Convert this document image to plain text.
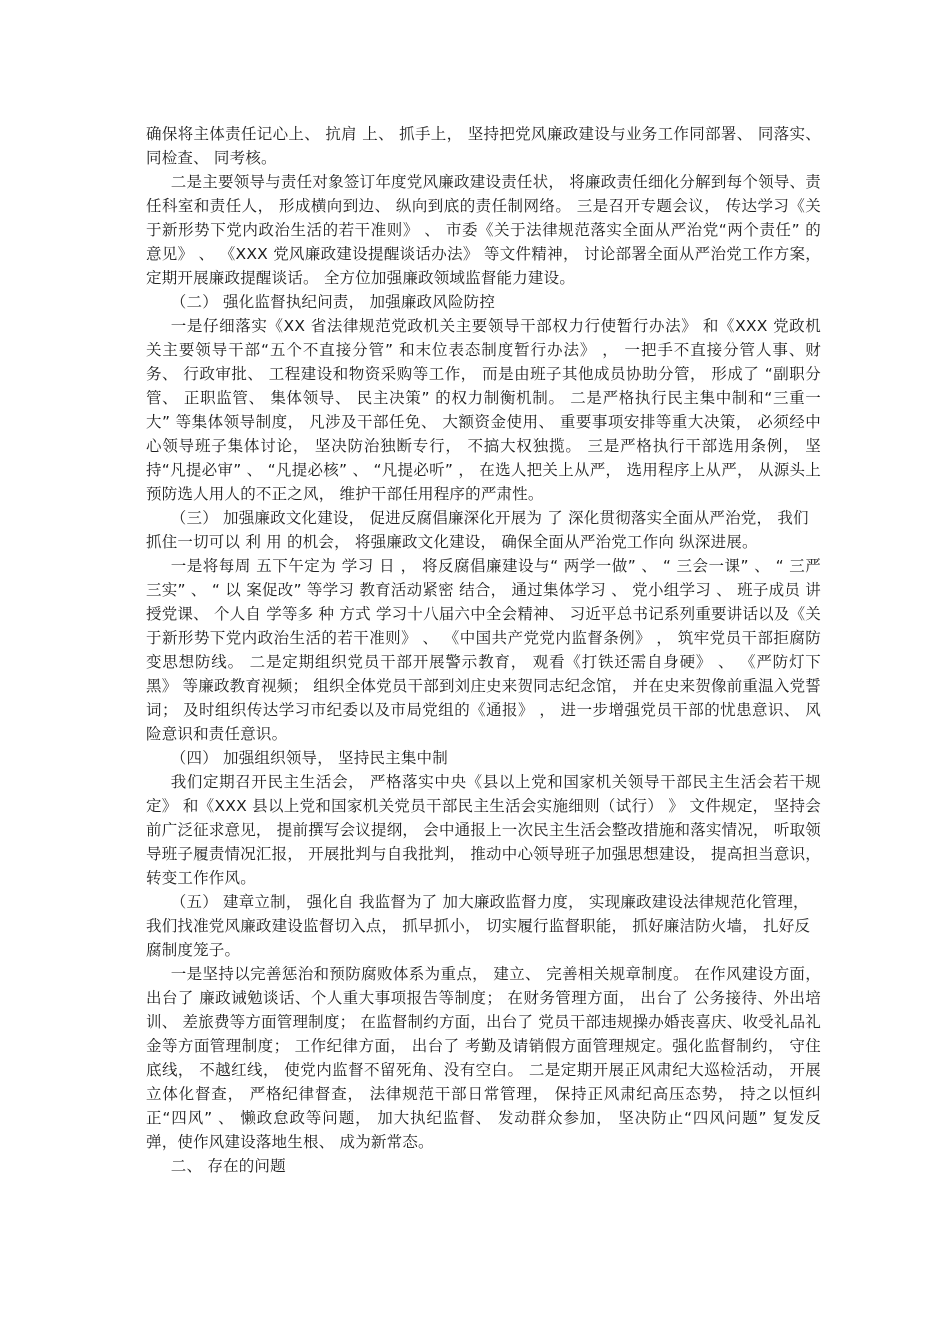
确保将主体责任记心上、 抗肩 上、 抓手上， 坚持把党风廉政建设与业务工作同部署、 同落实、 同检查、 同考核。

二是主要领导与责任对象签订年度党风廉政建设责任状， 将廉政责任细化分解到每个领导、责任科室和责任人， 形成横向到边、 纵向到底的责任制网络。 三是召开专题会议， 传达学习《关于新形势下党内政治生活的若干准则》 、 市委《关于法律规范落实全面从严治党“两个责任” 的意见》 、 《XXX 党风廉政建设提醒谈话办法》 等文件精神， 讨论部署全面从严治党工作方案， 定期开展廉政提醒谈话。 全方位加强廉政领域监督能力建设。

（二） 强化监督执纪问责， 加强廉政风险防控

一是仔细落实《XX 省法律规范党政机关主要领导干部权力行使暂行办法》 和《XXX 党政机关主要领导干部“五个不直接分管” 和末位表态制度暂行办法》 ， 一把手不直接分管人事、财务、 行政审批、 工程建设和物资采购等工作， 而是由班子其他成员协助分管， 形成了 “副职分管、 正职监管、 集体领导、 民主决策” 的权力制衡机制。 二是严格执行民主集中制和“三重一大” 等集体领导制度， 凡涉及干部任免、 大额资金使用、 重要事项安排等重大决策， 必须经中心领导班子集体讨论， 坚决防治独断专行， 不搞大权独揽。 三是严格执行干部选用条例， 坚持“凡提必审” 、 “凡提必核” 、 “凡提必听” ， 在选人把关上从严， 选用程序上从严， 从源头上预防选人用人的不正之风， 维护干部任用程序的严肃性。

（三） 加强廉政文化建设， 促进反腐倡廉深化开展为 了 深化贯彻落实全面从严治党， 我们抓住一切可以 利 用 的机会， 将强廉政文化建设， 确保全面从严治党工作向 纵深进展。

一是将每周 五下午定为 学习 日 ， 将反腐倡廉建设与“ 两学一做” 、 “ 三会一课” 、 “ 三严三实” 、 “ 以 案促改” 等学习 教育活动紧密 结合， 通过集体学习 、 党小组学习 、 班子成员 讲授党课、 个人自 学等多 种 方式 学习十八届六中全会精神、 习近平总书记系列重要讲话以及《关于新形势下党内政治生活的若干准则》 、 《中国共产党党内监督条例》 ， 筑牢党员干部拒腐防变思想防线。 二是定期组织党员干部开展警示教育， 观看《打铁还需自身硬》 、 《严防灯下黑》 等廉政教育视频； 组织全体党员干部到刘庄史来贺同志纪念馆， 并在史来贺像前重温入党誓词； 及时组织传达学习市纪委以及市局党组的《通报》 ， 进一步增强党员干部的忧患意识、 风险意识和责任意识。

（四） 加强组织领导， 坚持民主集中制

我们定期召开民主生活会， 严格落实中央《县以上党和国家机关领导干部民主生活会若干规定》 和《XXX 县以上党和国家机关党员干部民主生活会实施细则（试行） 》 文件规定， 坚持会前广泛征求意见， 提前撰写会议提纲， 会中通报上一次民主生活会整改措施和落实情况， 听取领导班子履责情况汇报， 开展批判与自我批判， 推动中心领导班子加强思想建设， 提高担当意识， 转变工作作风。

（五） 建章立制， 强化自 我监督为了 加大廉政监督力度， 实现廉政建设法律规范化管理， 我们找准党风廉政建设监督切入点， 抓早抓小， 切实履行监督职能， 抓好廉洁防火墙， 扎好反腐制度笼子。

一是坚持以完善惩治和预防腐败体系为重点， 建立、 完善相关规章制度。 在作风建设方面， 出台了 廉政诫勉谈话、个人重大事项报告等制度； 在财务管理方面， 出台了 公务接待、外出培训、 差旅费等方面管理制度； 在监督制约方面，出台了 党员干部违规操办婚丧喜庆、收受礼品礼金等方面管理制度； 工作纪律方面， 出台了 考勤及请销假方面管理规定。强化监督制约， 守住底线， 不越红线， 使党内监督不留死角、没有空白。 二是定期开展正风肃纪大巡检活动， 开展立体化督查， 严格纪律督查， 法律规范干部日常管理， 保持正风肃纪高压态势， 持之以恒纠正“四风” 、 懒政怠政等问题， 加大执纪监督、 发动群众参加， 坚决防止“四风问题” 复发反弹，使作风建设落地生根、 成为新常态。

二、 存在的问题
